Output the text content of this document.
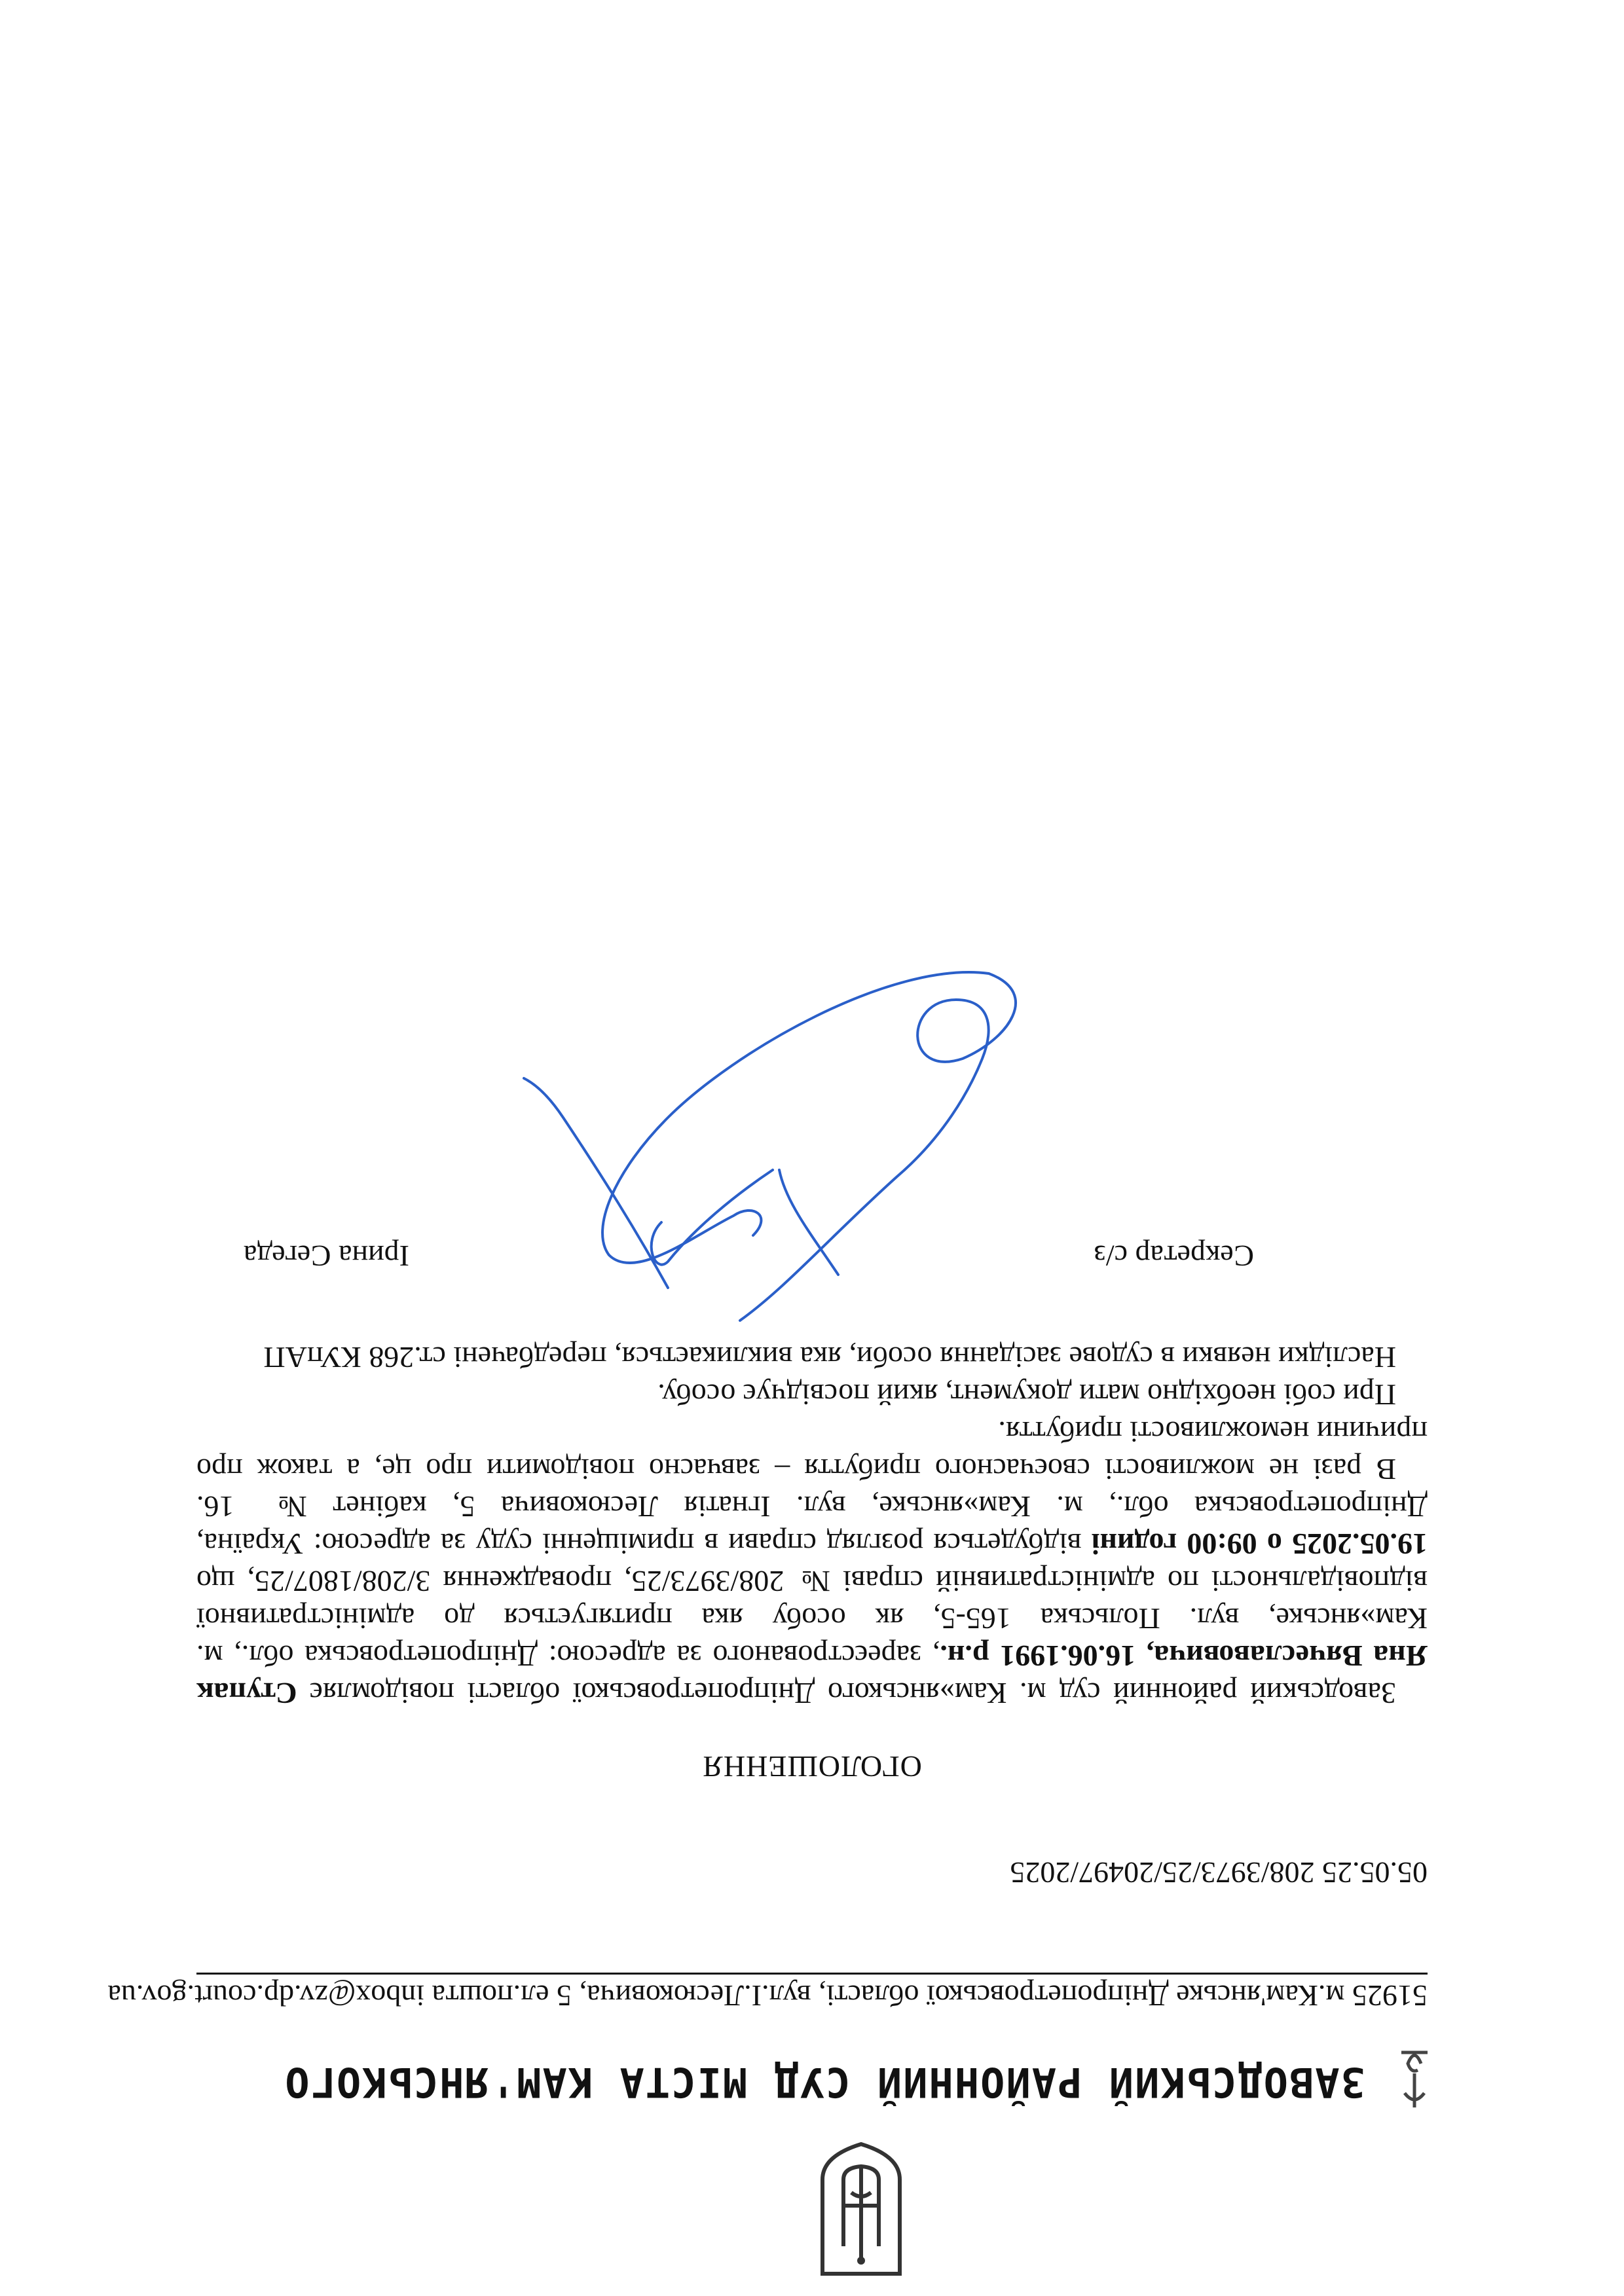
ЗАВОДСЬКИЙ РАЙОННИЙ СУД МІСТА КАМ'ЯНСЬКОГО
51925 м.Кам'янське Дніпропетровської області, вул.І.Лесюковича, 5 ел.пошта inbox@zv.dp.court.gov.ua
05.05.25 208/3973/25/20497/2025
ОГОЛОШЕННЯ

Заводський районний суд м. Кам»янського Дніпропетровської області повідомляє Ступак Яна Вячеславовича, 16.06.1991 р.н., зареєстрованого за адресою: Дніпропетровська обл., м. Кам»янське, вул. Польська 165-5, як особу яка притягується до адміністративної відповідальності по адміністративній справі № 208/3973/25, провадження 3/208/1807/25, що 19.05.2025 о 09:00 годині відбудеться розгляд справи в приміщенні суду за адресою: Україна, Дніпропетровська обл., м. Кам»янське, вул. Ігнатія Лесюковича 5, кабінет № 16.

В разі не можливості своєчасного прибуття – завчасно повідомити про це, а також про причини неможливості прибуття.

При собі необхідно мати документ, який посвідчує особу.

Наслідки неявки в судове засідання особи, яка викликається, передбачені ст.268 КУпАП

Секретар с/з
Ірина Сегеда
